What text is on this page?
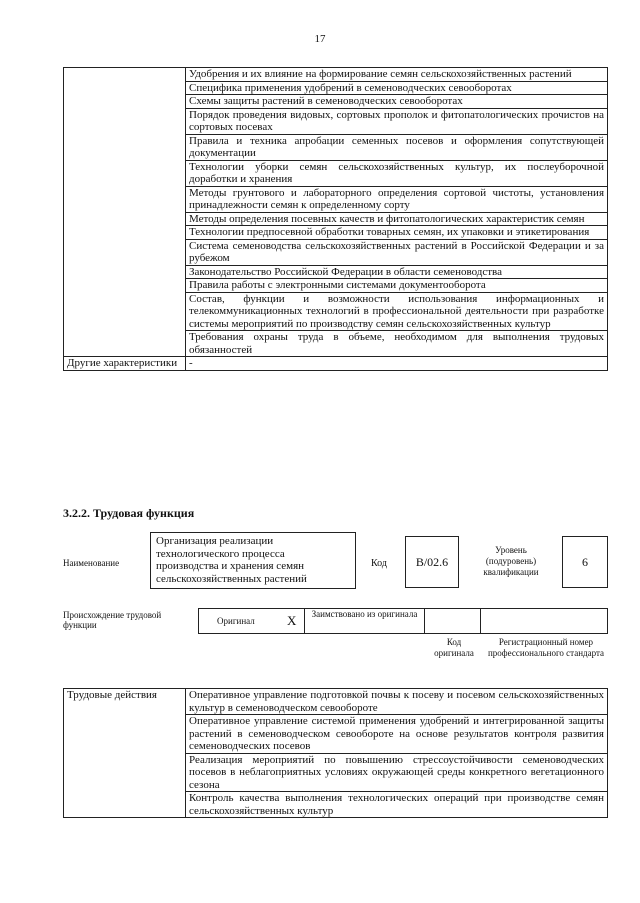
17
	Удобрения и их влияние на формирование семян сельскохозяйственных растений
	Специфика применения удобрений в семеноводческих севооборотах
	Схемы защиты растений в семеноводческих севооборотах
	Порядок проведения видовых, сортовых прополок и фитопатологических прочистов на сортовых посевах
	Правила и техника апробации семенных посевов и оформления сопутствующей документации
	Технологии уборки семян сельскохозяйственных культур, их послеуборочной доработки и хранения
	Методы грунтового и лабораторного определения сортовой чистоты, установления принадлежности семян к определенному сорту
	Методы определения посевных качеств и фитопатологических характеристик семян
	Технологии предпосевной обработки товарных семян, их упаковки и этикетирования
	Система семеноводства сельскохозяйственных растений в Российской Федерации и за рубежом
	Законодательство Российской Федерации в области семеноводства
	Правила работы с электронными системами документооборота
	Состав, функции и возможности использования информационных и телекоммуникационных технологий в профессиональной деятельности при разработке системы мероприятий по производству семян сельскохозяйственных культур
	Требования охраны труда в объеме, необходимом для выполнения трудовых обязанностей
Другие характеристики	-
3.2.2. Трудовая функция
Наименование
Организация реализации технологического процесса производства и хранения семян сельскохозяйственных растений
Код	B/02.6
Уровень (подуровень) квалификации
6
Происхождение трудовой функции	Оригинал X	Заимствовано из оригинала
Код оригинала
Регистрационный номер профессионального стандарта
Трудовые действия	Оперативное управление подготовкой почвы к посеву и посевом сельскохозяйственных культур в семеноводческом севообороте
Оперативное управление системой применения удобрений и интегрированной защиты растений в семеноводческом севообороте на основе результатов контроля развития семеноводческих посевов
Реализация мероприятий по повышению стрессоустойчивости семеноводческих посевов в неблагоприятных условиях окружающей среды конкретного вегетационного сезона
Контроль качества выполнения технологических операций при производстве семян сельскохозяйственных культур
